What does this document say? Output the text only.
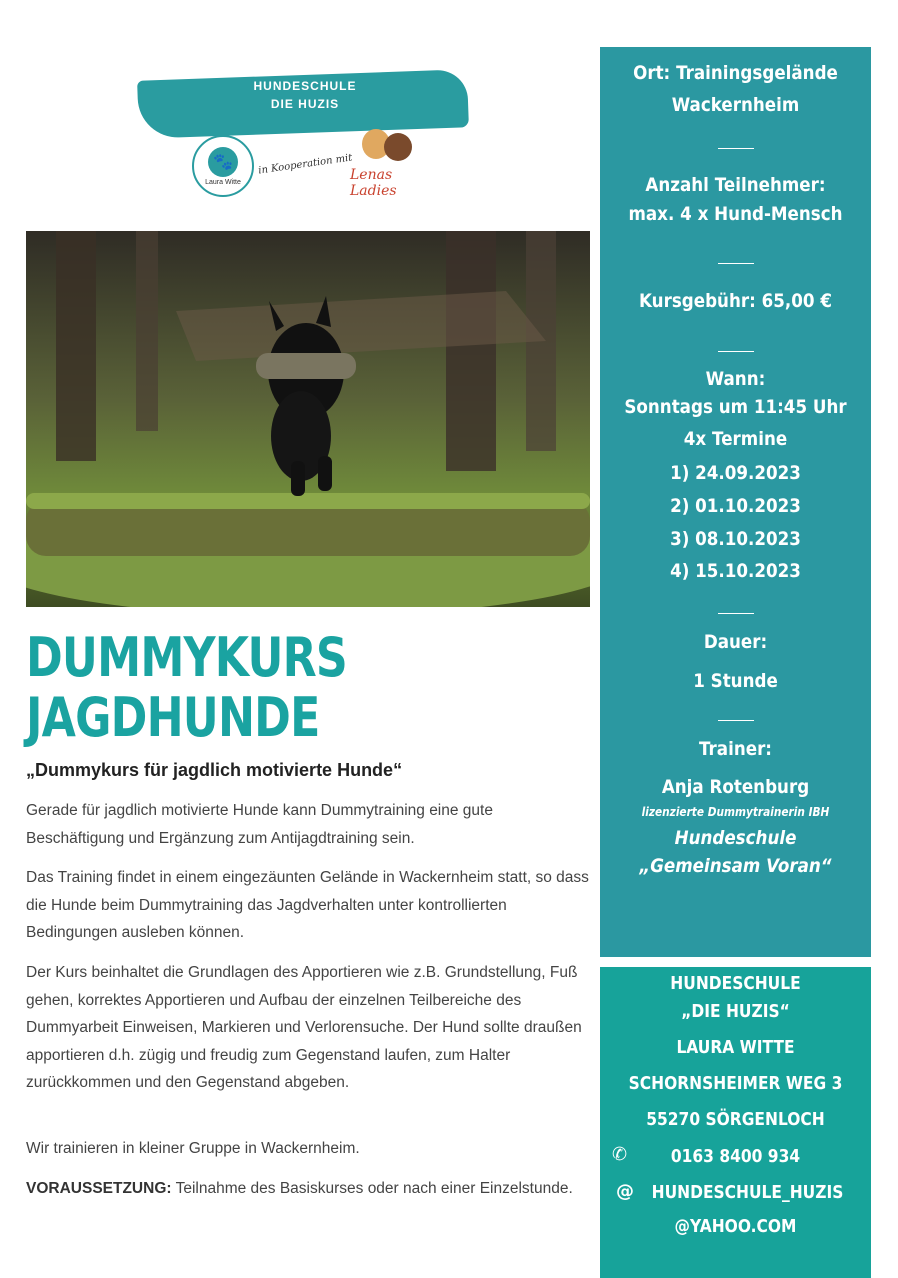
HUNDESCHULE
DIE HUZIS
🐾
Laura Witte
in Kooperation mit
Lenas Ladies
DUMMYKURS
JAGDHUNDE
„Dummykurs für jagdlich motivierte Hunde“
Gerade für jagdlich motivierte Hunde kann Dummytraining eine gute Beschäftigung und Ergänzung zum Antijagdtraining sein.
Das Training findet in einem eingezäunten Gelände in Wackernheim statt, so dass die Hunde beim Dummytraining das Jagdverhalten unter kontrollierten Bedingungen ausleben können.
Der Kurs beinhaltet die Grundlagen des Apportieren wie z.B. Grundstellung, Fuß gehen, korrektes Apportieren und Aufbau der einzelnen Teilbereiche des Dummyarbeit Einweisen, Markieren und Verlorensuche. Der Hund sollte draußen apportieren d.h. zügig und freudig zum Gegenstand laufen, zum Halter zurückkommen und den Gegenstand abgeben.
Wir trainieren in kleiner Gruppe in Wackernheim.
VORAUSSETZUNG: Teilnahme des Basiskurses oder nach einer Einzelstunde.
Ort: Trainingsgelände
Wackernheim
Anzahl Teilnehmer:
max. 4 x Hund-Mensch
Kursgebühr: 65,00 €
Wann:
Sonntags um 11:45 Uhr
4x Termine
1) 24.09.2023
2) 01.10.2023
3) 08.10.2023
4) 15.10.2023
Dauer:
1 Stunde
Trainer:
Anja Rotenburg
lizenzierte Dummytrainerin IBH
Hundeschule
„Gemeinsam Voran“
HUNDESCHULE
„DIE HUZIS“
LAURA WITTE
SCHORNSHEIMER WEG 3
55270 SÖRGENLOCH
✆	0163 8400 934
@ HUNDESCHULE_HUZIS
@YAHOO.COM
